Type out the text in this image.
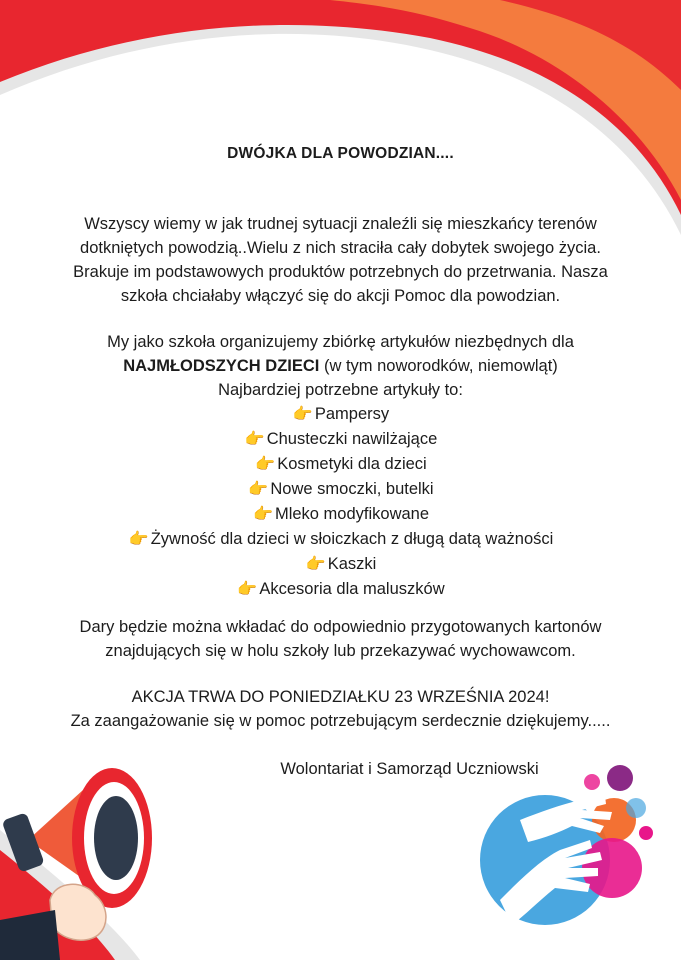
DWÓJKA DLA POWODZIAN....
Wszyscy wiemy w jak trudnej sytuacji znaleźli się mieszkańcy terenów
dotkniętych powodzią..Wielu z nich straciła cały dobytek swojego życia.
Brakuje im podstawowych produktów potrzebnych do przetrwania. Nasza
szkoła chciałaby włączyć się do akcji Pomoc dla powodzian.
My jako szkoła organizujemy zbiórkę artykułów niezbędnych dla
NAJMŁODSZYCH DZIECI (w tym noworodków, niemowląt)
Najbardziej potrzebne artykuły to:
👉 Pampersy
👉 Chusteczki nawilżające
👉 Kosmetyki dla dzieci
👉 Nowe smoczki, butelki
👉 Mleko modyfikowane
👉 Żywność dla dzieci w słoiczkach z długą datą ważności
👉 Kaszki
👉 Akcesoria dla maluszków
Dary będzie można wkładać do odpowiednio przygotowanych kartonów
znajdujących się w holu szkoły lub przekazywać wychowawcom.
AKCJA TRWA DO PONIEDZIAŁKU 23 WRZEŚNIA 2024!
Za zaangażowanie się w pomoc potrzebującym serdecznie dziękujemy.....
Wolontariat i Samorząd Uczniowski
